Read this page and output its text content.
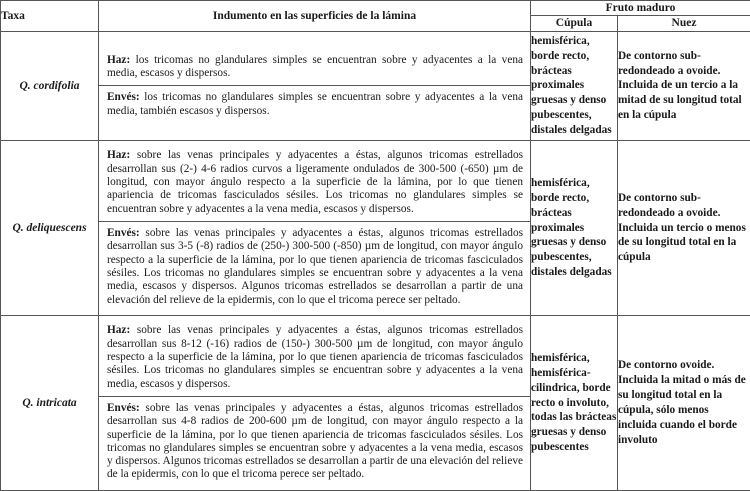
Taxa	Indumento en las superficies de la lámina	Fruto maduro
Cúpula	Nuez
Q. cordifolia	
Haz: los tricomas no glandulares simples se encuentran sobre y adyacentes a la vena media, escasos y dispersos.
Envés: los tricomas no glandulares simples se encuentran sobre y adyacentes a la vena media, también escasos y dispersos.
	hemisférica, borde recto, brácteas proximales gruesas y denso pubescentes, distales delgadas	De contorno sub-redondeado a ovoide. Incluida de un tercio a la mitad de su longitud total en la cúpula
Q. deliquescens	
Haz: sobre las venas principales y adyacentes a éstas, algunos tricomas estrellados desarrollan sus (2-) 4-6 radios curvos a ligeramente ondulados de 300-500 (-650) µm de longitud, con mayor ángulo respecto a la superficie de la lámina, por lo que tienen apariencia de tricomas fasciculados sésiles. Los tricomas no glandulares simples se encuentran sobre y adyacentes a la vena media, escasos y dispersos.
Envés: sobre las venas principales y adyacentes a éstas, algunos tricomas estrellados desarrollan sus 3-5 (-8) radios de (250-) 300-500 (-850) µm de longitud, con mayor ángulo respecto a la superficie de la lámina, por lo que tienen apariencia de tricomas fasciculados sésiles. Los tricomas no glandulares simples se encuentran sobre y adyacentes a la vena media, escasos y dispersos. Algunos tricomas estrellados se desarrollan a partir de una elevación del relieve de la epidermis, con lo que el tricoma perece ser peltado.
	hemisférica, borde recto, brácteas proximales gruesas y denso pubescentes, distales delgadas	De contorno sub-redondeado a ovoide. Incluida un tercio o menos de su longitud total en la cúpula
Q. intricata	
Haz: sobre las venas principales y adyacentes a éstas, algunos tricomas estrellados desarrollan sus 8-12 (-16) radios de (150-) 300-500 µm de longitud, con mayor ángulo respecto a la superficie de la lámina, por lo que tienen apariencia de tricomas fasciculados sésiles. Los tricomas no glandulares simples se encuentran sobre y adyacentes a la vena media, escasos y dispersos.
Envés: sobre las venas principales y adyacentes a éstas, algunos tricomas estrellados desarrollan sus 4-8 radios de 200-600 µm de longitud, con mayor ángulo respecto a la superficie de la lámina, por lo que tienen apariencia de tricomas fasciculados sésiles. Los tricomas no glandulares simples se encuentran sobre y adyacentes a la vena media, escasos y dispersos. Algunos tricomas estrellados se desarrollan a partir de una elevación del relieve de la epidermis, con lo que el tricoma perece ser peltado.
	hemisférica, hemisférica-cilindrica, borde recto o involuto, todas las brácteas gruesas y denso pubescentes	De contorno ovoide. Incluida la mitad o más de su longitud total en la cúpula, sólo menos incluida cuando el borde involuto
